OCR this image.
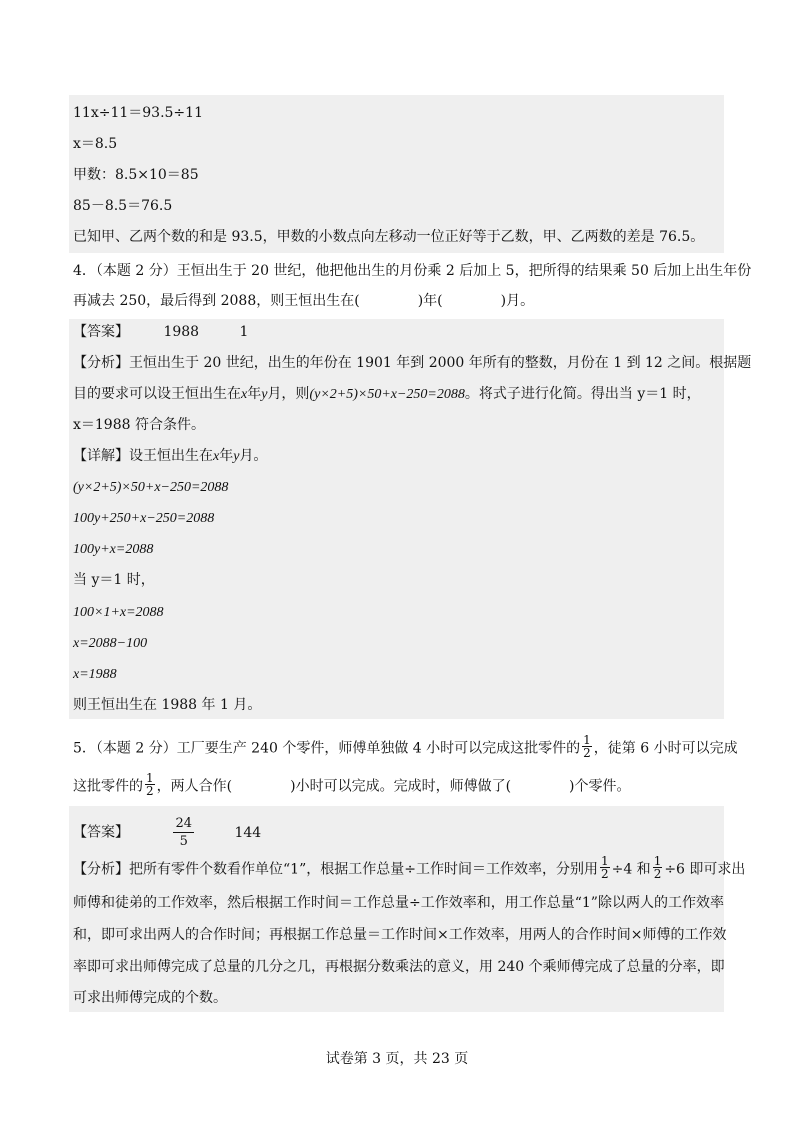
11x÷11＝93.5÷11
x＝8.5
甲数：8.5×10＝85
85－8.5＝76.5
已知甲、乙两个数的和是 93.5，甲数的小数点向左移动一位正好等于乙数，甲、乙两数的差是 76.5。
4．（本题 2 分）王恒出生于 20 世纪，他把他出生的月份乘 2 后加上 5，把所得的结果乘 50 后加上出生年份
再减去 250，最后得到 2088，则王恒出生在(	)年(	)月。
【答案】 1988	1
【分析】王恒出生于 20 世纪，出生的年份在 1901 年到 2000 年所有的整数，月份在 1 到 12 之间。根据题
目的要求可以设王恒出生在x年y月，则(y×2+5)×50+x−250=2088。将式子进行化简。得出当 y＝1 时，
x＝1988 符合条件。
【详解】设王恒出生在x年y月。
(y×2+5)×50+x−250=2088
100y+250+x−250=2088
100y+x=2088
当 y＝1 时，
100×1+x=2088
x=2088−100
x=1988
则王恒出生在 1988 年 1 月。
5．（本题 2 分）工厂要生产 240 个零件，师傅单独做 4 小时可以完成这批零件的 $\frac{1}{2}$ ，徒第 6 小时可以完成
这批零件的 $\frac{1}{2}$ ，两人合作(	)小时可以完成。完成时，师傅做了(	)个零件。
【答案】	$\frac{24}{5}$	144
【分析】把所有零件个数看作单位“1”，根据工作总量÷工作时间＝工作效率，分别用 $\frac{1}{2} \div 4$ 和 $\frac{1}{2} \div 6$ 即可求出
师傅和徒弟的工作效率，然后根据工作时间＝工作总量÷工作效率和，用工作总量“1”除以两人的工作效率
和，即可求出两人的合作时间；再根据工作总量＝工作时间×工作效率，用两人的合作时间×师傅的工作效
率即可求出师傅完成了总量的几分之几，再根据分数乘法的意义，用 240 个乘师傅完成了总量的分率，即
可求出师傅完成的个数。
试卷第 3 页，共 23 页
